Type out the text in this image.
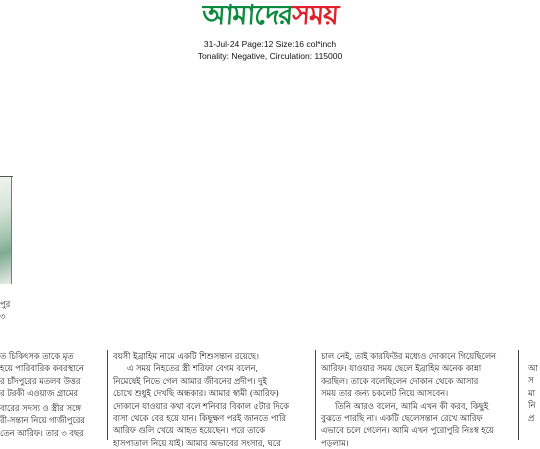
আমাদেরসময়
31-Jul-24 Page:12 Size:16 col*inch
Tonality: Negative, Circulation: 115000

ত চিকিৎসক তাকে মৃত

হয়ে পারিবারিক কবরস্থানে

র চাঁদপুরের মতলব উত্তর

র টরকী এওয়াজ গ্রামের

বারের সদস্য ও স্ত্রীর সঙ্গে

রী-সন্তান নিয়ে গাজীপুরের

তেন আরিফ। তার ৩ বছর

বয়সী ইব্রাহিম নামে একটি শিশুসন্তান রয়েছে।

এ সময় নিহতের স্ত্রী শরিফা বেগম বলেন,

নিমেষেই নিভে গেল আমার জীবনের প্রদীপ। দুই

চোখে শুধুই দেখছি অন্ধকার। আমার স্বামী (আরিফ)

দোকানে যাওয়ার কথা বলে শনিবার বিকাল ৫টার দিকে

বাসা থেকে বের হয়ে যান। কিছুক্ষণ পরই জানতে পারি

আরিফ গুলি খেয়ে আহত হয়েছেন। পরে তাকে

হাসপাতাল নিয়ে যাই। আমার অভাবের সংসার, ঘরে

চাল নেই, তাই কারফিউর মধ্যেও দোকানে গিয়েছিলেন

আরিফ। যাওয়ার সময় ছেলে ইব্রাহিম অনেক কান্না

করছিল। তাকে বলেছিলেন দোকান থেকে আসার

সময় তার জন্য চকলেট নিয়ে আসবেন।

তিনি আরও বলেন, আমি এখন কী করব, কিছুই

বুঝতে পারছি না। একটি ছেলেসন্তান রেখে আরিফ

এভাবে চলে গেলেন। আমি এখন পুরোপুরি নিঃস্ব হয়ে

পড়লাম।

আ

স

মা

নি

প্র

পুর

৩
